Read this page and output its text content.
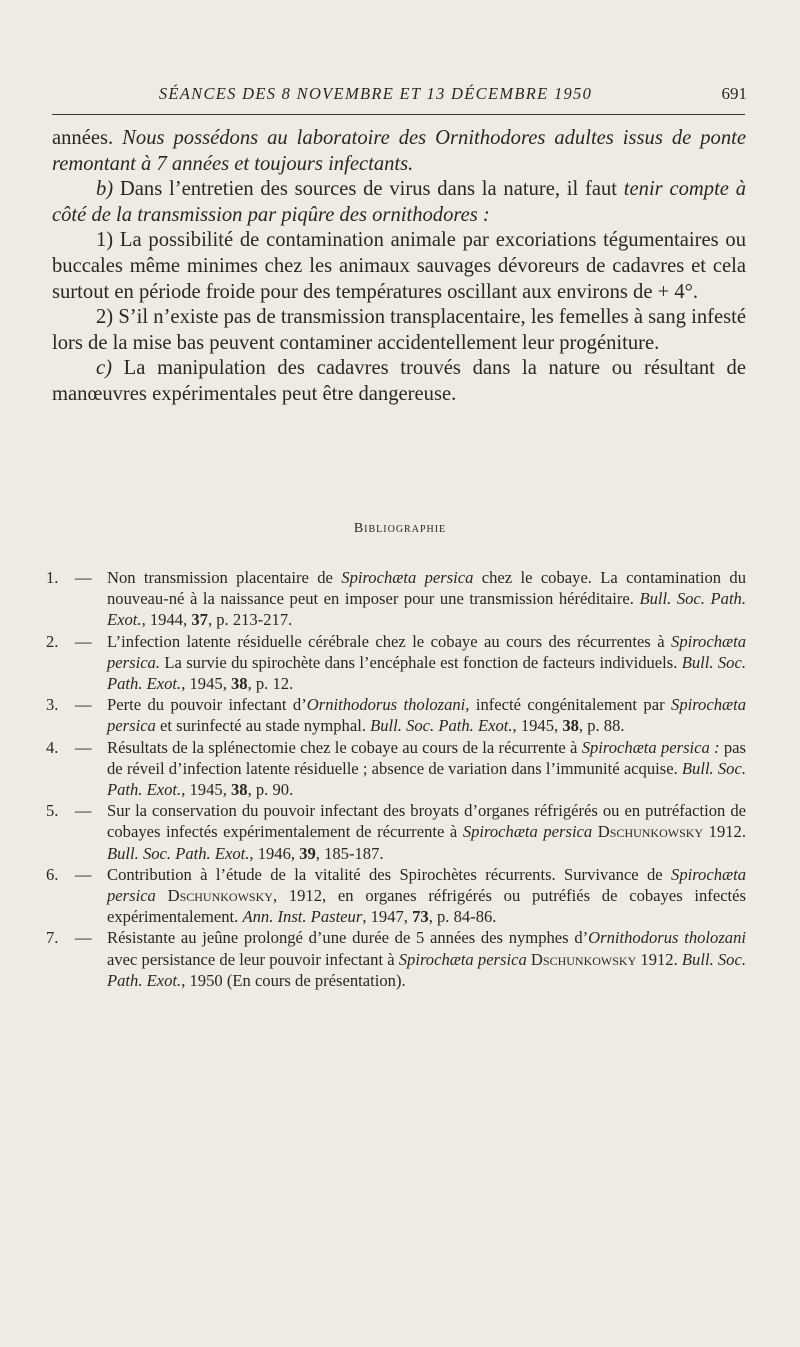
SÉANCES DES 8 NOVEMBRE ET 13 DÉCEMBRE 1950	691

années. Nous possédons au laboratoire des Ornithodores adultes issus de ponte remontant à 7 années et toujours infectants.

b) Dans l’entretien des sources de virus dans la nature, il faut tenir compte à côté de la transmission par piqûre des ornithodores :

1) La possibilité de contamination animale par excoriations tégumentaires ou buccales même minimes chez les animaux sauvages dévoreurs de cadavres et cela surtout en période froide pour des températures oscillant aux environs de + 4°.

2) S’il n’existe pas de transmission transplacentaire, les femelles à sang infesté lors de la mise bas peuvent contaminer accidentellement leur progéniture.

c) La manipulation des cadavres trouvés dans la nature ou résultant de manœuvres expérimentales peut être dangereuse.

Bibliographie

1. — Non transmission placentaire de Spirochæta persica chez le cobaye. La contamination du nouveau-né à la naissance peut en imposer pour une transmission héréditaire. Bull. Soc. Path. Exot., 1944, 37, p. 213-217.

2. — L’infection latente résiduelle cérébrale chez le cobaye au cours des récurrentes à Spirochæta persica. La survie du spirochète dans l’encéphale est fonction de facteurs individuels. Bull. Soc. Path. Exot., 1945, 38, p. 12.

3. — Perte du pouvoir infectant d’Ornithodorus tholozani, infecté congénitalement par Spirochæta persica et surinfecté au stade nymphal. Bull. Soc. Path. Exot., 1945, 38, p. 88.

4. — Résultats de la splénectomie chez le cobaye au cours de la récurrente à Spirochæta persica : pas de réveil d’infection latente résiduelle ; absence de variation dans l’immunité acquise. Bull. Soc. Path. Exot., 1945, 38, p. 90.

5. — Sur la conservation du pouvoir infectant des broyats d’organes réfrigérés ou en putréfaction de cobayes infectés expérimentalement de récurrente à Spirochæta persica Dschunkowsky 1912. Bull. Soc. Path. Exot., 1946, 39, 185-187.

6. — Contribution à l’étude de la vitalité des Spirochètes récurrents. Survivance de Spirochæta persica Dschunkowsky, 1912, en organes réfrigérés ou putréfiés de cobayes infectés expérimentalement. Ann. Inst. Pasteur, 1947, 73, p. 84-86.

7. — Résistante au jeûne prolongé d’une durée de 5 années des nymphes d’Ornithodorus tholozani avec persistance de leur pouvoir infectant à Spirochæta persica Dschunkowsky 1912. Bull. Soc. Path. Exot., 1950 (En cours de présentation).
